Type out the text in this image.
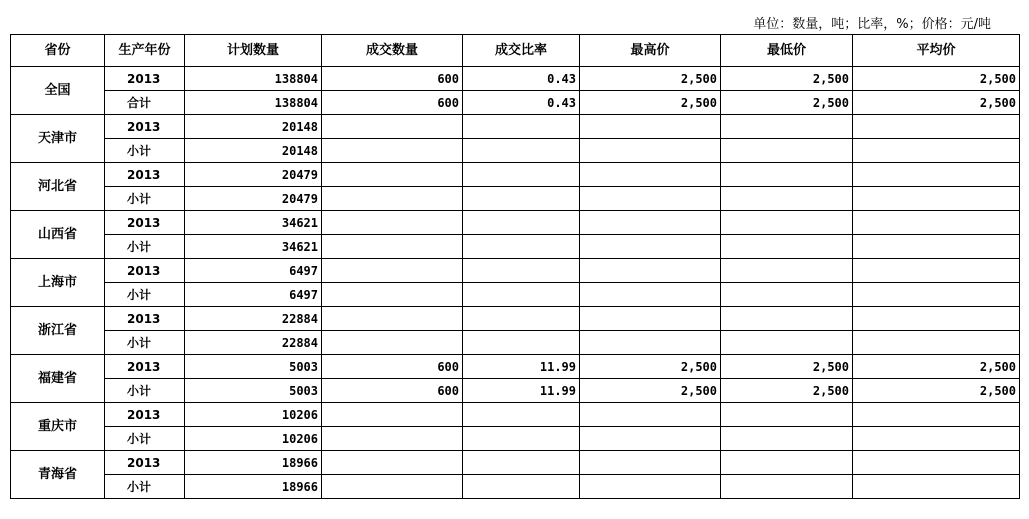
单位：数量，吨；比率，%；价格：元/吨
省份	生产年份	计划数量	成交数量	成交比率	最高价	最低价	平均价
全国	2013	138804	600	0.43	2,500	2,500	2,500
	合计	138804	600	0.43	2,500	2,500	2,500
天津市	2013	20148					
	小计	20148					
河北省	2013	20479					
	小计	20479					
山西省	2013	34621					
	小计	34621					
上海市	2013	6497					
	小计	6497					
浙江省	2013	22884					
	小计	22884					
福建省	2013	5003	600	11.99	2,500	2,500	2,500
	小计	5003	600	11.99	2,500	2,500	2,500
重庆市	2013	10206					
	小计	10206					
青海省	2013	18966					
	小计	18966					
